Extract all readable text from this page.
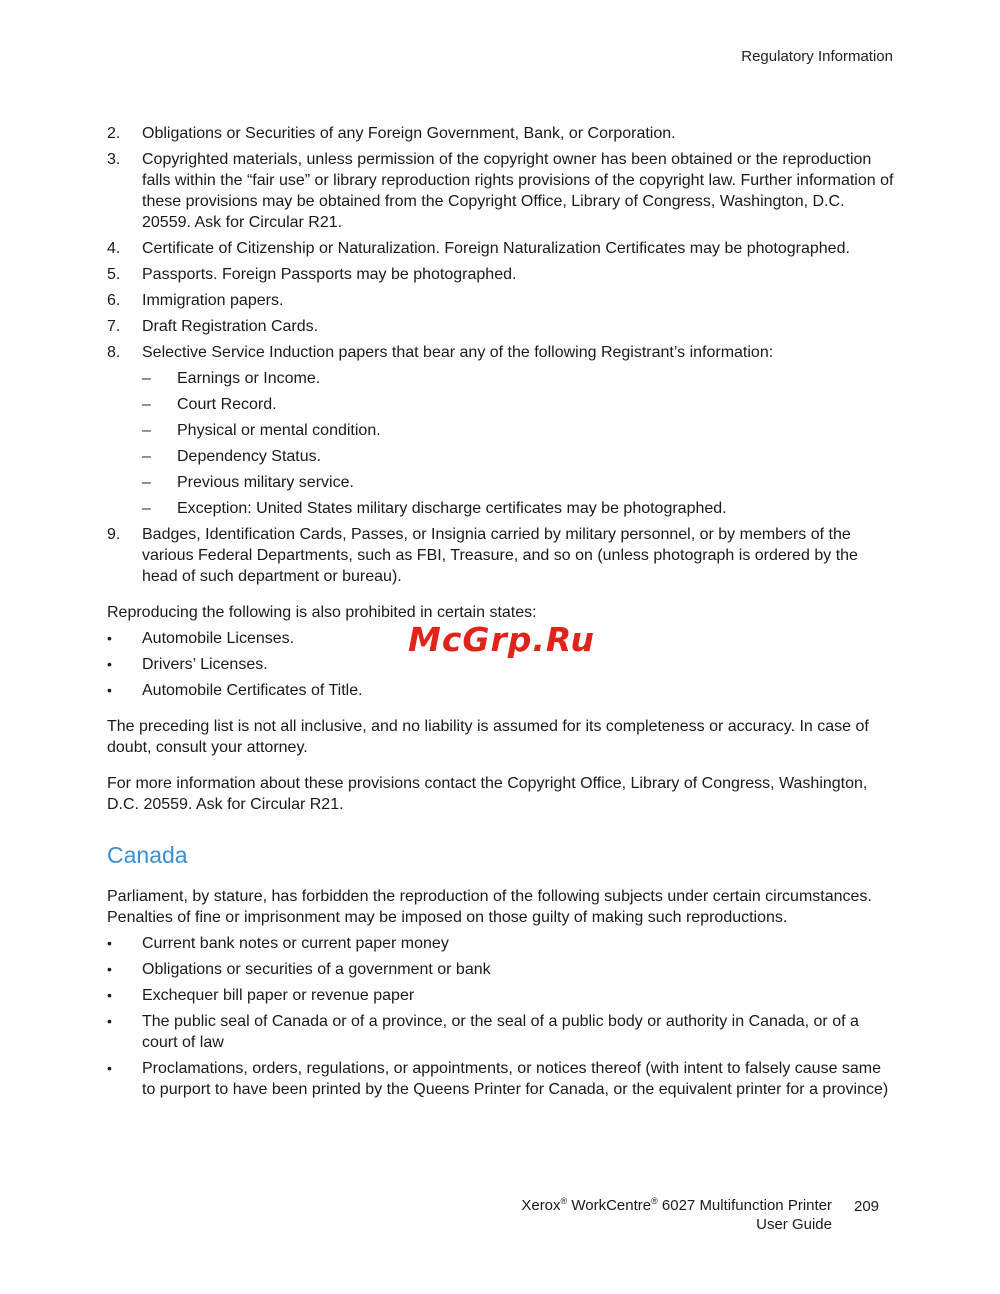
Regulatory Information
2.	Obligations or Securities of any Foreign Government, Bank, or Corporation.
3.	Copyrighted materials, unless permission of the copyright owner has been obtained or the reproduction falls within the “fair use” or library reproduction rights provisions of the copyright law. Further information of these provisions may be obtained from the Copyright Office, Library of Congress, Washington, D.C. 20559. Ask for Circular R21.
4.	Certificate of Citizenship or Naturalization. Foreign Naturalization Certificates may be photographed.
5.	Passports. Foreign Passports may be photographed.
6.	Immigration papers.
7.	Draft Registration Cards.
8.	Selective Service Induction papers that bear any of the following Registrant’s information:
–	Earnings or Income.
–	Court Record.
–	Physical or mental condition.
–	Dependency Status.
–	Previous military service.
–	Exception: United States military discharge certificates may be photographed.
9.	Badges, Identification Cards, Passes, or Insignia carried by military personnel, or by members of the various Federal Departments, such as FBI, Treasure, and so on (unless photograph is ordered by the head of such department or bureau).

Reproducing the following is also prohibited in certain states:

•	Automobile Licenses.
•	Drivers’ Licenses.
•	Automobile Certificates of Title.

The preceding list is not all inclusive, and no liability is assumed for its completeness or accuracy. In case of doubt, consult your attorney.

For more information about these provisions contact the Copyright Office, Library of Congress, Washington, D.C. 20559. Ask for Circular R21.

Canada

Parliament, by stature, has forbidden the reproduction of the following subjects under certain circumstances. Penalties of fine or imprisonment may be imposed on those guilty of making such reproductions.

•	Current bank notes or current paper money
•	Obligations or securities of a government or bank
•	Exchequer bill paper or revenue paper
•	The public seal of Canada or of a province, or the seal of a public body or authority in Canada, or of a court of law
•	Proclamations, orders, regulations, or appointments, or notices thereof (with intent to falsely cause same to purport to have been printed by the Queens Printer for Canada, or the equivalent printer for a province)
McGrp.Ru
Xerox® WorkCentre® 6027 Multifunction Printer
User Guide
209
